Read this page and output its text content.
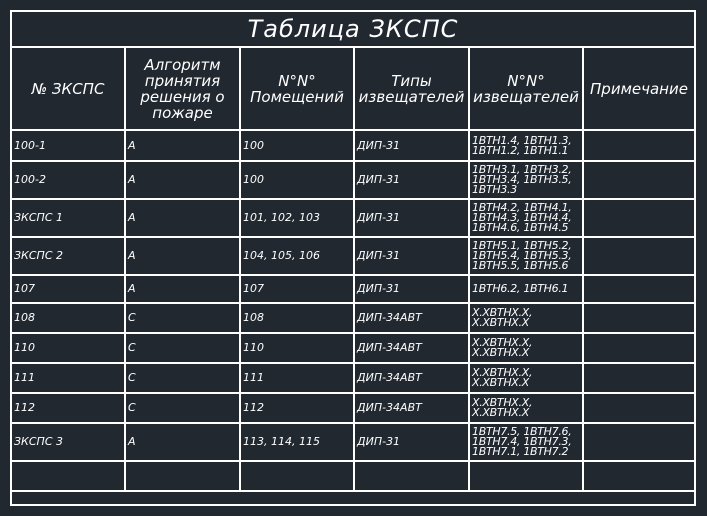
Таблица ЗКСПС
№ ЗКСПС	Алгоритм принятия решения о пожаре	N°N° Помещений	Типы извещателей	N°N° извещателей	Примечание
100-1	A	100	ДИП-31	1BTH1.4, 1BTH1.3,
1BTH1.2, 1BTH1.1	
100-2	A	100	ДИП-31	1BTH3.1, 1BTH3.2,
1BTH3.4, 1BTH3.5,
1BTH3.3	
ЗКСПС 1	A	101, 102, 103	ДИП-31	1BTH4.2, 1BTH4.1,
1BTH4.3, 1BTH4.4,
1BTH4.6, 1BTH4.5	
ЗКСПС 2	A	104, 105, 106	ДИП-31	1BTH5.1, 1BTH5.2,
1BTH5.4, 1BTH5.3,
1BTH5.5, 1BTH5.6	
107	A	107	ДИП-31	1BTH6.2, 1BTH6.1	
108	C	108	ДИП-34АВТ	X.XBTHX.X,
X.XBTHX.X	
110	C	110	ДИП-34АВТ	X.XBTHX.X,
X.XBTHX.X	
111	C	111	ДИП-34АВТ	X.XBTHX.X,
X.XBTHX.X	
112	C	112	ДИП-34АВТ	X.XBTHX.X,
X.XBTHX.X	
ЗКСПС 3	A	113, 114, 115	ДИП-31	1BTH7.5, 1BTH7.6,
1BTH7.4, 1BTH7.3,
1BTH7.1, 1BTH7.2	
